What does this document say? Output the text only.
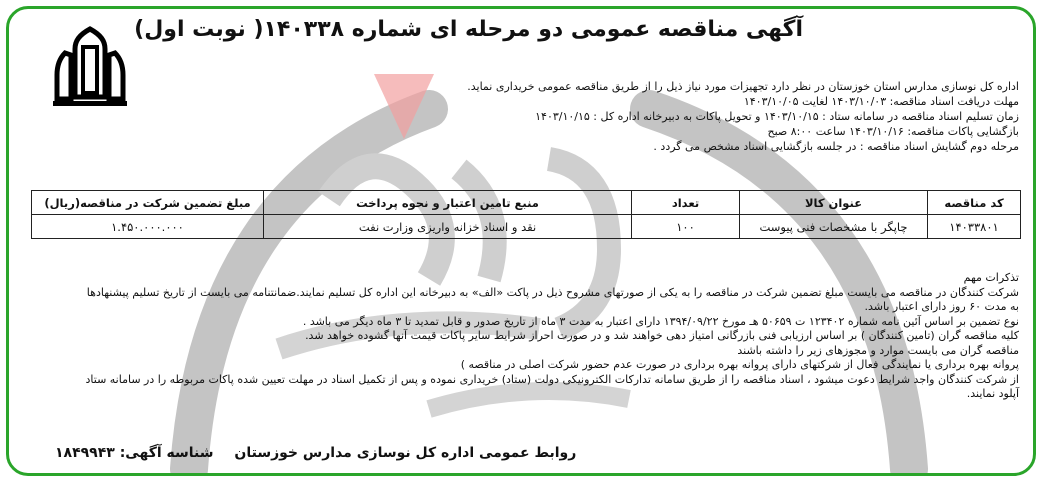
آگهی مناقصه عمومی دو مرحله ای شماره ۱۴۰۳۳۸( نوبت اول)
اداره کل نوسازی مدارس استان خوزستان در نظر دارد تجهیزات مورد نیاز ذیل را از طریق مناقصه عمومی خریداری نماید.
مهلت دریافت اسناد مناقصه: ۱۴۰۳/۱۰/۰۳ لغایت ۱۴۰۳/۱۰/۰۵
زمان تسلیم اسناد مناقصه در سامانه ستاد : ۱۴۰۳/۱۰/۱۵ و تحویل پاکات به دبیرخانه اداره کل : ۱۴۰۳/۱۰/۱۵
بازگشایی پاکات مناقصه: ۱۴۰۳/۱۰/۱۶ ساعت ۸:۰۰ صبح
مرحله دوم گشایش اسناد مناقصه : در جلسه بازگشایی اسناد مشخص می گردد .
کد مناقصه	عنوان کالا	تعداد	منبع تامین اعتبار و نحوه پرداخت	مبلغ تضمین شرکت در مناقصه(ریال)
۱۴۰۳۳۸۰۱	چاپگر با مشخصات فنی پیوست	۱۰۰	نقد و اسناد خزانه واریزی وزارت نفت	۱.۴۵۰.۰۰۰.۰۰۰
تذکرات مهم
شرکت کنندگان در مناقصه می بایست مبلغ تضمین شرکت در مناقصه را به یکی از صورتهای مشروح ذیل در پاکت «الف» به دبیرخانه این اداره کل تسلیم نمایند.ضمانتنامه می بایست از تاریخ تسلیم پیشنهادها
به مدت ۶۰ روز دارای اعتبار باشد.
نوع تضمین بر اساس آئین نامه شماره ۱۲۳۴۰۲ ت ۵۰۶۵۹ هـ مورخ ۱۳۹۴/۰۹/۲۲ دارای اعتبار به مدت ۳ ماه از تاریخ صدور و قابل تمدید تا ۳ ماه دیگر می باشد .
کلیه مناقصه گران (تامین کنندگان ) بر اساس ارزیابی فنی بازرگانی امتیاز دهی خواهند شد و در صورت احراز شرایط سایر پاکات قیمت آنها گشوده خواهد شد.
مناقصه گران می بایست موارد و مجوزهای زیر را داشته باشند
پروانه بهره برداری یا نمایندگی فعال از شرکتهای دارای پروانه بهره برداری در صورت عدم حضور شرکت اصلی در مناقصه )
از شرکت کنندگان واجد شرایط دعوت میشود ، اسناد مناقصه را از طریق سامانه تدارکات الکترونیکی دولت (ستاد) خریداری نموده و پس از تکمیل اسناد در مهلت تعیین شده پاکات مربوطه را در سامانه ستاد
آپلود نمایند.
روابط عمومی اداره کل نوسازی مدارس خوزستان شناسه آگهی: ۱۸۴۹۹۴۳
